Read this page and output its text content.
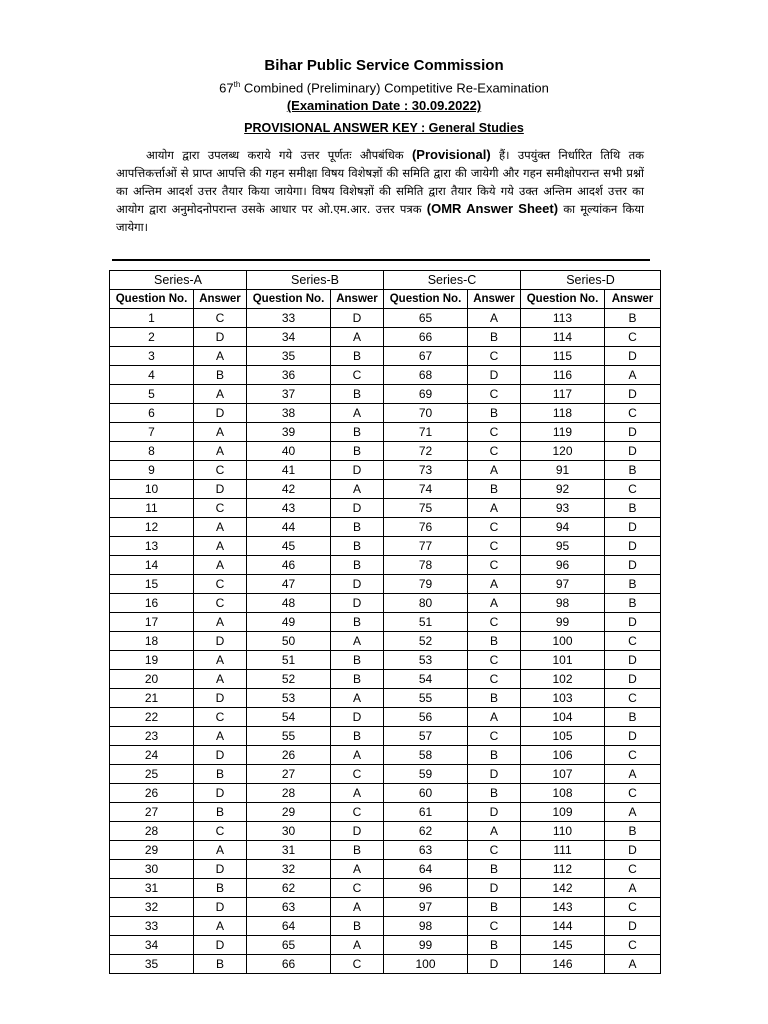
Bihar Public Service Commission
67th Combined (Preliminary) Competitive Re-Examination
(Examination Date : 30.09.2022)
PROVISIONAL ANSWER KEY : General Studies
आयोग द्वारा उपलब्ध कराये गये उत्तर पूर्णतः औपबंधिक (Provisional) हैं। उपयुंक्त निर्धारित तिथि तक आपत्तिकर्त्ताओं से प्राप्त आपत्ति की गहन समीक्षा विषय विशेषज्ञों की समिति द्वारा की जायेगी और गहन समीक्षोपरान्त सभी प्रश्नों का अन्तिम आदर्श उत्तर तैयार किया जायेगा। विषय विशेषज्ञों की समिति द्वारा तैयार किये गये उक्त अन्तिम आदर्श उत्तर का आयोग द्वारा अनुमोदनोपरान्त उसके आधार पर ओ.एम.आर. उत्तर पत्रक (OMR Answer Sheet) का मूल्यांकन किया जायेगा।
Series-A		Series-B		Series-C		Series-D	
Question No.	Answer	Question No.	Answer	Question No.	Answer	Question No.	Answer
1	C	33	D	65	A	113	B
2	D	34	A	66	B	114	C
3	A	35	B	67	C	115	D
4	B	36	C	68	D	116	A
5	A	37	B	69	C	117	D
6	D	38	A	70	B	118	C
7	A	39	B	71	C	119	D
8	A	40	B	72	C	120	D
9	C	41	D	73	A	91	B
10	D	42	A	74	B	92	C
11	C	43	D	75	A	93	B
12	A	44	B	76	C	94	D
13	A	45	B	77	C	95	D
14	A	46	B	78	C	96	D
15	C	47	D	79	A	97	B
16	C	48	D	80	A	98	B
17	A	49	B	51	C	99	D
18	D	50	A	52	B	100	C
19	A	51	B	53	C	101	D
20	A	52	B	54	C	102	D
21	D	53	A	55	B	103	C
22	C	54	D	56	A	104	B
23	A	55	B	57	C	105	D
24	D	26	A	58	B	106	C
25	B	27	C	59	D	107	A
26	D	28	A	60	B	108	C
27	B	29	C	61	D	109	A
28	C	30	D	62	A	110	B
29	A	31	B	63	C	111	D
30	D	32	A	64	B	112	C
31	B	62	C	96	D	142	A
32	D	63	A	97	B	143	C
33	A	64	B	98	C	144	D
34	D	65	A	99	B	145	C
35	B	66	C	100	D	146	A
